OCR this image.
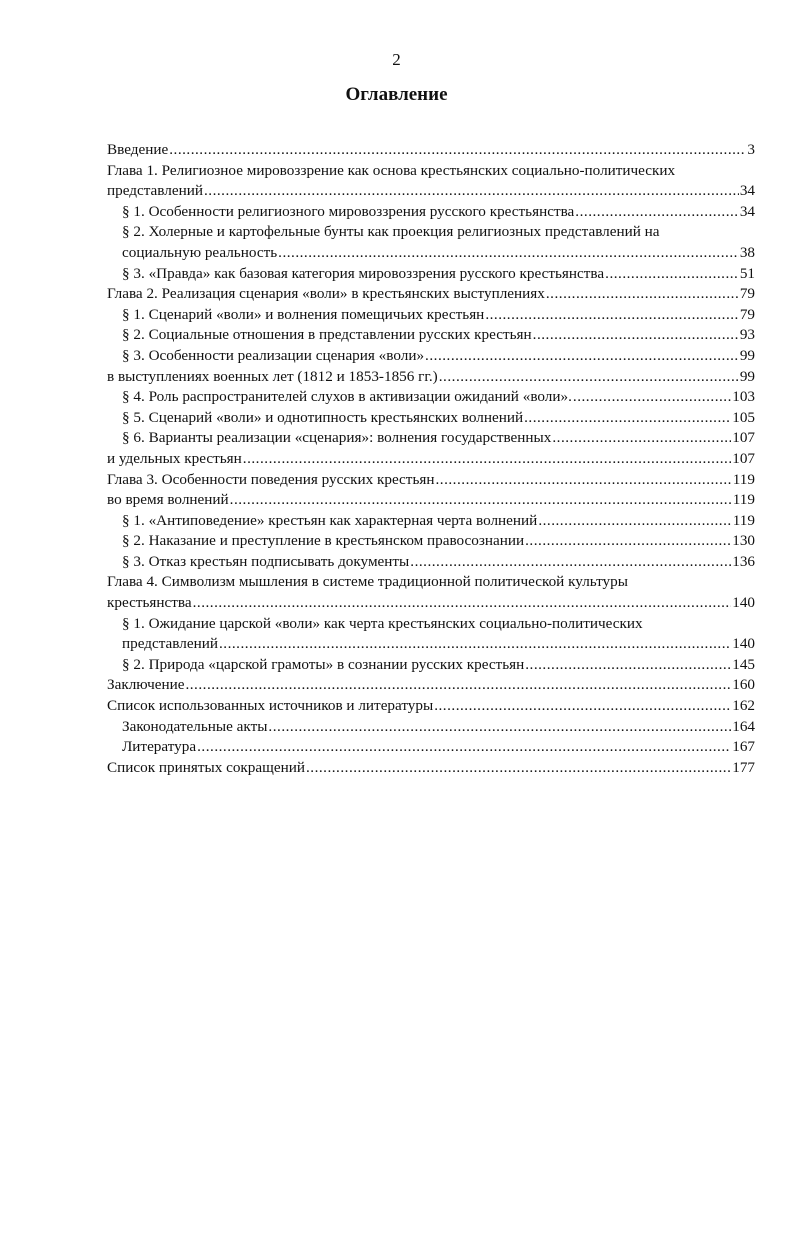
2
Оглавление
Введение .....	3
Глава 1. Религиозное мировоззрение как основа крестьянских социально-политических
представлений .....	34
§ 1. Особенности религиозного мировоззрения русского крестьянства .....	34
§ 2. Холерные и картофельные бунты как проекция религиозных представлений на
социальную реальность .....	38
§ 3. «Правда» как базовая категория мировоззрения русского крестьянства .....	51
Глава 2. Реализация сценария «воли» в крестьянских выступлениях .....	79
§ 1. Сценарий «воли» и волнения помещичьих крестьян .....	79
§ 2. Социальные отношения в представлении русских крестьян .....	93
§ 3. Особенности реализации сценария «воли» .....	99
в выступлениях военных лет (1812 и 1853-1856 гг.) .....	99
§ 4. Роль распространителей слухов в активизации ожиданий «воли». .....	103
§ 5. Сценарий «воли» и однотипность крестьянских волнений .....	105
§ 6. Варианты реализации «сценария»: волнения государственных .....	107
и удельных крестьян .....	107
Глава 3. Особенности поведения русских крестьян .....	119
во время волнений .....	119
§ 1. «Антиповедение» крестьян как характерная черта волнений .....	119
§ 2. Наказание и преступление в крестьянском правосознании .....	130
§ 3. Отказ крестьян подписывать документы .....	136
Глава 4. Символизм мышления в системе традиционной политической культуры
крестьянства .....	140
§ 1. Ожидание царской «воли» как черта крестьянских социально-политических
представлений .....	140
§ 2. Природа «царской грамоты» в сознании русских крестьян .....	145
Заключение .....	160
Список использованных источников и литературы .....	162
Законодательные акты .....	164
Литература .....	167
Список принятых сокращений .....	177
